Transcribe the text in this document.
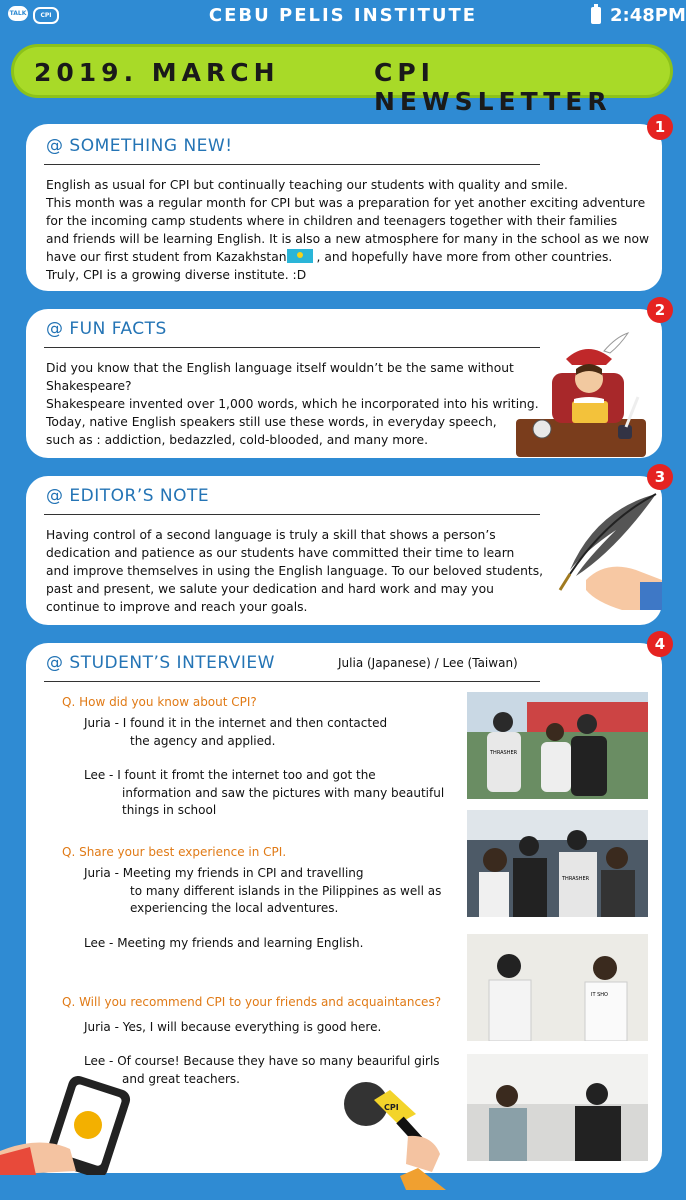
TALK	CPI	CEBU PELIS INSTITUTE	2:48PM
2019. MARCH	CPI NEWSLETTER
@ SOMETHING NEW!

English as usual for CPI but continually teaching our students with quality and smile.

This month was a regular month for CPI but was a preparation for yet another exciting adventure

for the incoming camp students where in children and teenagers together with their families

and friends will be learning English. It is also a new atmosphere for many in the school as we now

have our first student from Kazakhstan , and hopefully have more from other countries.

Truly, CPI is a growing diverse institute. :D

1
@ FUN FACTS

Did you know that the English language itself wouldn’t be the same without

Shakespeare?

Shakespeare invented over 1,000 words, which he incorporated into his writing.

Today, native English speakers still use these words, in everyday speech,

such as : addiction, bedazzled, cold-blooded, and many more.

2
@ EDITOR’S NOTE

Having control of a second language is truly a skill that shows a person’s

dedication and patience as our students have committed their time to learn

and improve themselves in using the English language. To our beloved students,

past and present, we salute your dedication and hard work and may you

continue to improve and reach your goals.

3
@ STUDENT’S INTERVIEW	Julia (Japanese) / Lee (Taiwan)
Q. How did you know about CPI?
Juria - I found it in the internet and then contacted
the agency and applied.
Lee - I fount it fromt the internet too and got the
information and saw the pictures with many beautiful
things in school
Q. Share your best experience in CPI.
Juria - Meeting my friends in CPI and travelling
to many different islands in the Pilippines as well as
experiencing the local adventures.
Lee - Meeting my friends and learning English.
Q. Will you recommend CPI to your friends and acquaintances?
Juria - Yes, I will because everything is good here.
Lee - Of course! Because they have so many beauriful girls
and great teachers.
THRASHER
THRASHER
IT SHO
4
CPI
